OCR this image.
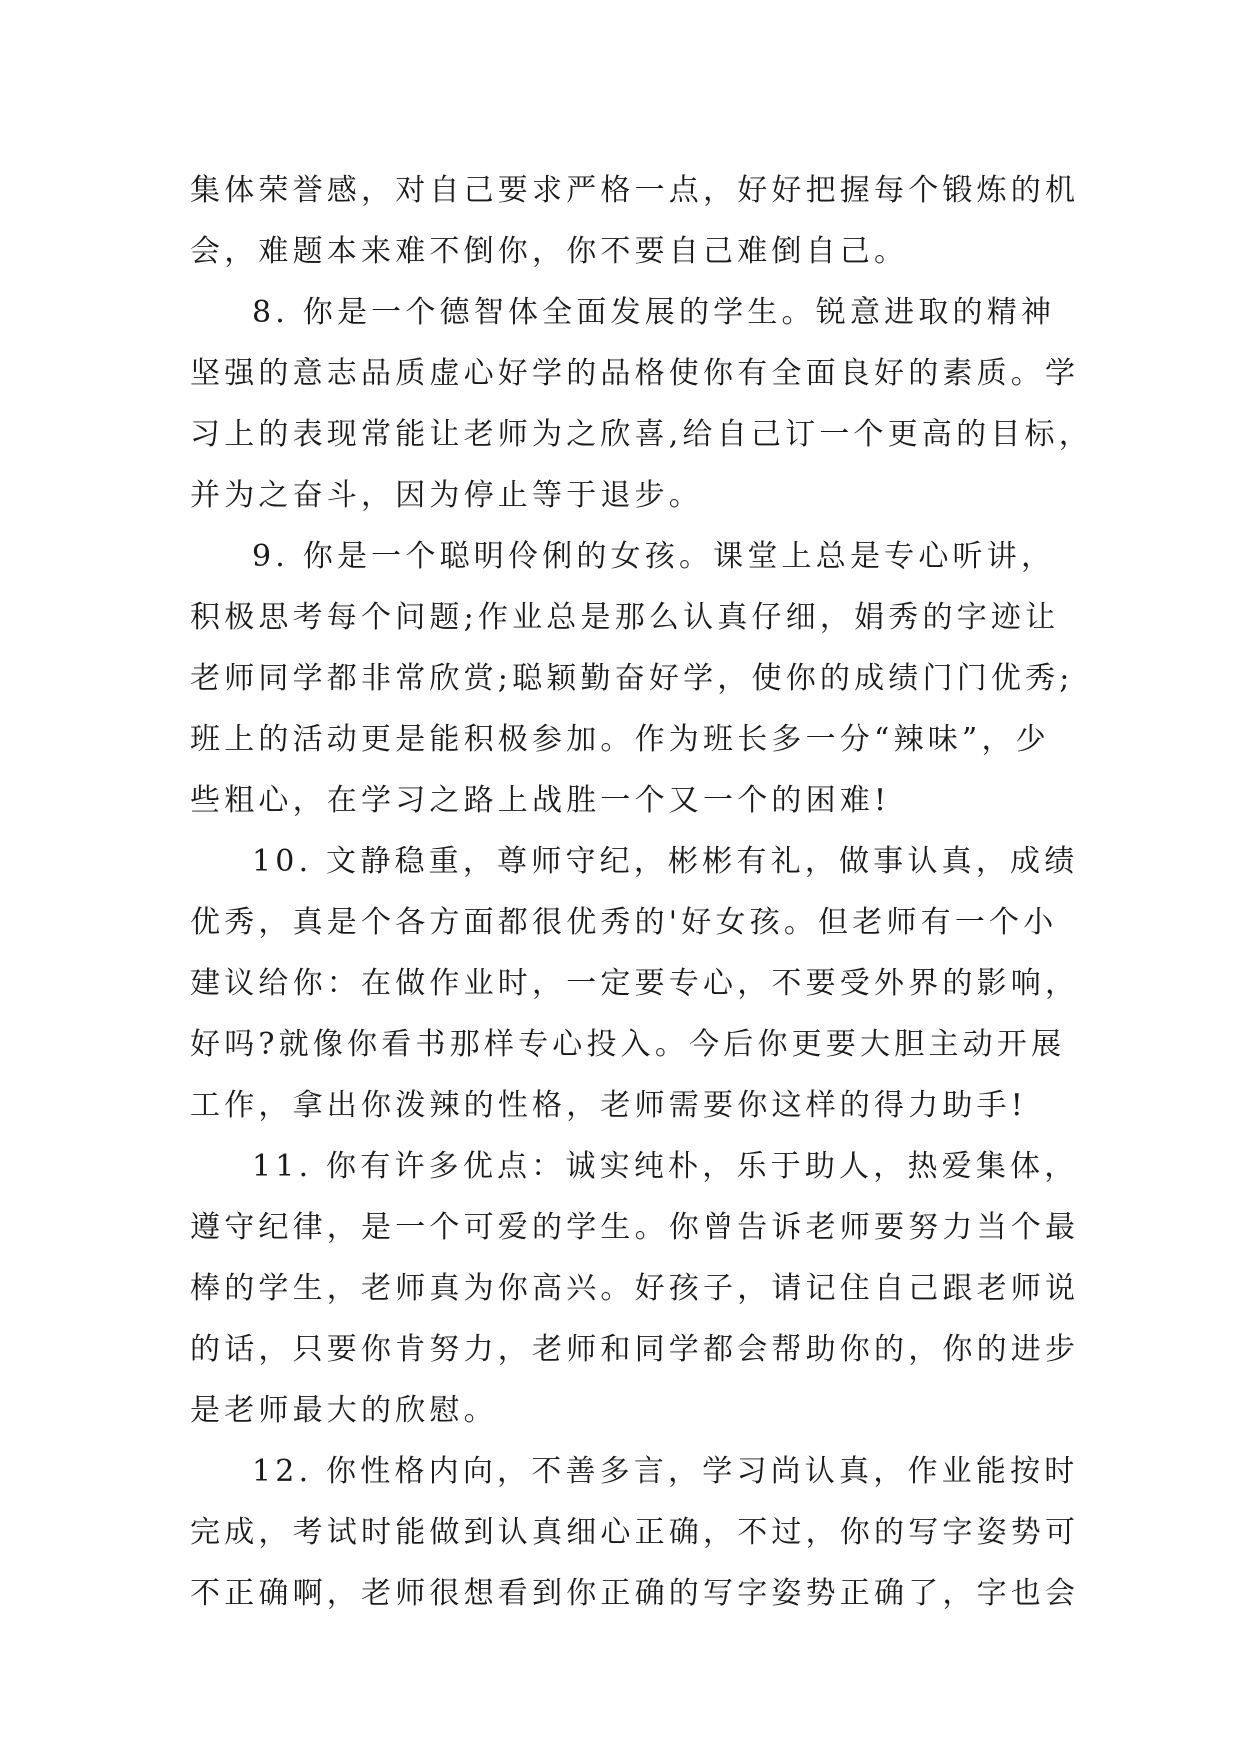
集体荣誉感，对自己要求严格一点，好好把握每个锻炼的机
会，难题本来难不倒你，你不要自己难倒自己。
8. 你是一个德智体全面发展的学生。锐意进取的精神
坚强的意志品质虚心好学的品格使你有全面良好的素质。学
习上的表现常能让老师为之欣喜,给自己订一个更高的目标，
并为之奋斗，因为停止等于退步。
9. 你是一个聪明伶俐的女孩。课堂上总是专心听讲，
积极思考每个问题;作业总是那么认真仔细，娟秀的字迹让
老师同学都非常欣赏;聪颖勤奋好学，使你的成绩门门优秀;
班上的活动更是能积极参加。作为班长多一分“辣味”，少
些粗心，在学习之路上战胜一个又一个的困难!
10. 文静稳重，尊师守纪，彬彬有礼，做事认真，成绩
优秀，真是个各方面都很优秀的'好女孩。但老师有一个小
建议给你：在做作业时，一定要专心，不要受外界的影响，
好吗?就像你看书那样专心投入。今后你更要大胆主动开展
工作，拿出你泼辣的性格，老师需要你这样的得力助手!
11. 你有许多优点：诚实纯朴，乐于助人，热爱集体，
遵守纪律，是一个可爱的学生。你曾告诉老师要努力当个最
棒的学生，老师真为你高兴。好孩子，请记住自己跟老师说
的话，只要你肯努力，老师和同学都会帮助你的，你的进步
是老师最大的欣慰。
12. 你性格内向，不善多言，学习尚认真，作业能按时
完成，考试时能做到认真细心正确，不过，你的写字姿势可
不正确啊，老师很想看到你正确的写字姿势正确了，字也会
